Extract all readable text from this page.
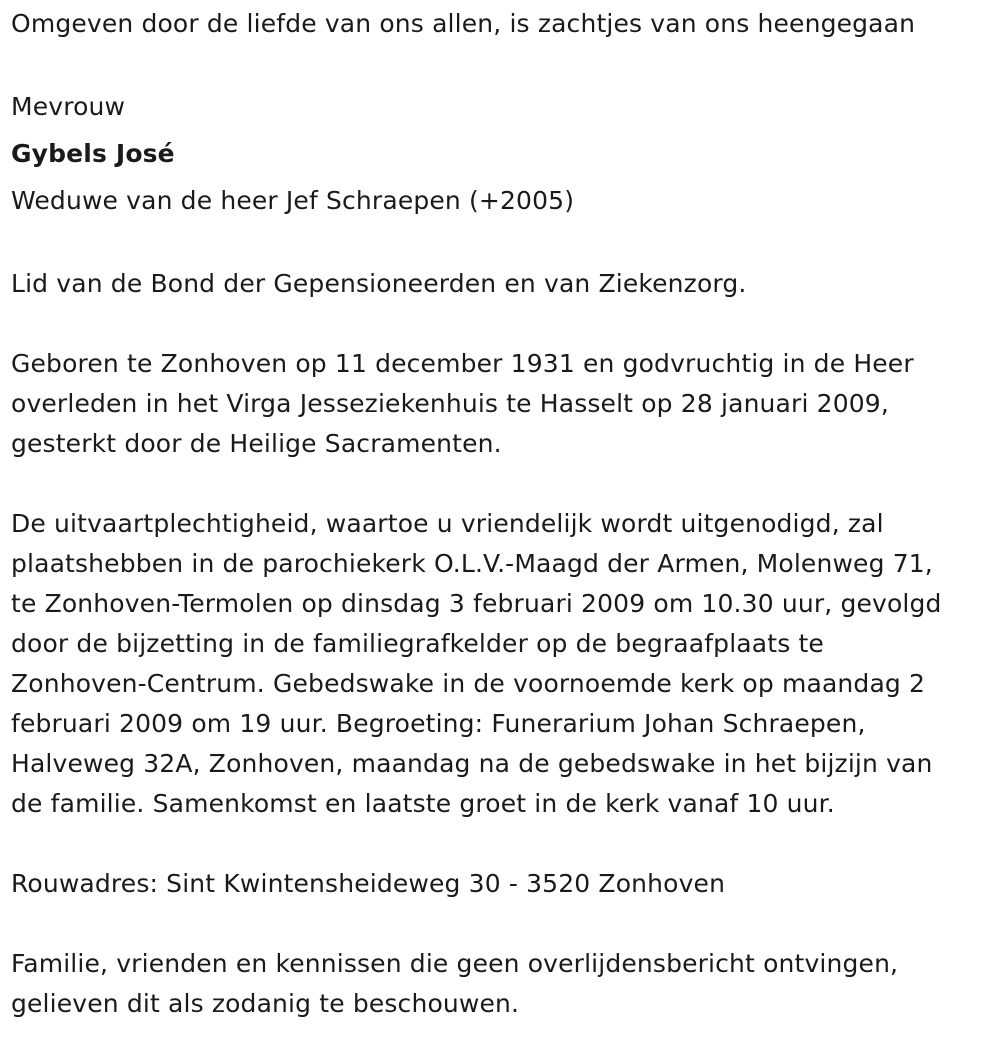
Omgeven door de liefde van ons allen, is zachtjes van ons heengegaan

Mevrouw

Gybels José

Weduwe van de heer Jef Schraepen (+2005)

Lid van de Bond der Gepensioneerden en van Ziekenzorg.

Geboren te Zonhoven op 11 december 1931 en godvruchtig in de Heer

overleden in het Virga Jesseziekenhuis te Hasselt op 28 januari 2009,

gesterkt door de Heilige Sacramenten.

De uitvaartplechtigheid, waartoe u vriendelijk wordt uitgenodigd, zal

plaatshebben in de parochiekerk O.L.V.-Maagd der Armen, Molenweg 71,

te Zonhoven-Termolen op dinsdag 3 februari 2009 om 10.30 uur, gevolgd

door de bijzetting in de familiegrafkelder op de begraafplaats te

Zonhoven-Centrum. Gebedswake in de voornoemde kerk op maandag 2

februari 2009 om 19 uur. Begroeting: Funerarium Johan Schraepen,

Halveweg 32A, Zonhoven, maandag na de gebedswake in het bijzijn van

de familie. Samenkomst en laatste groet in de kerk vanaf 10 uur.

Rouwadres: Sint Kwintensheideweg 30 - 3520 Zonhoven

Familie, vrienden en kennissen die geen overlijdensbericht ontvingen,

gelieven dit als zodanig te beschouwen.
